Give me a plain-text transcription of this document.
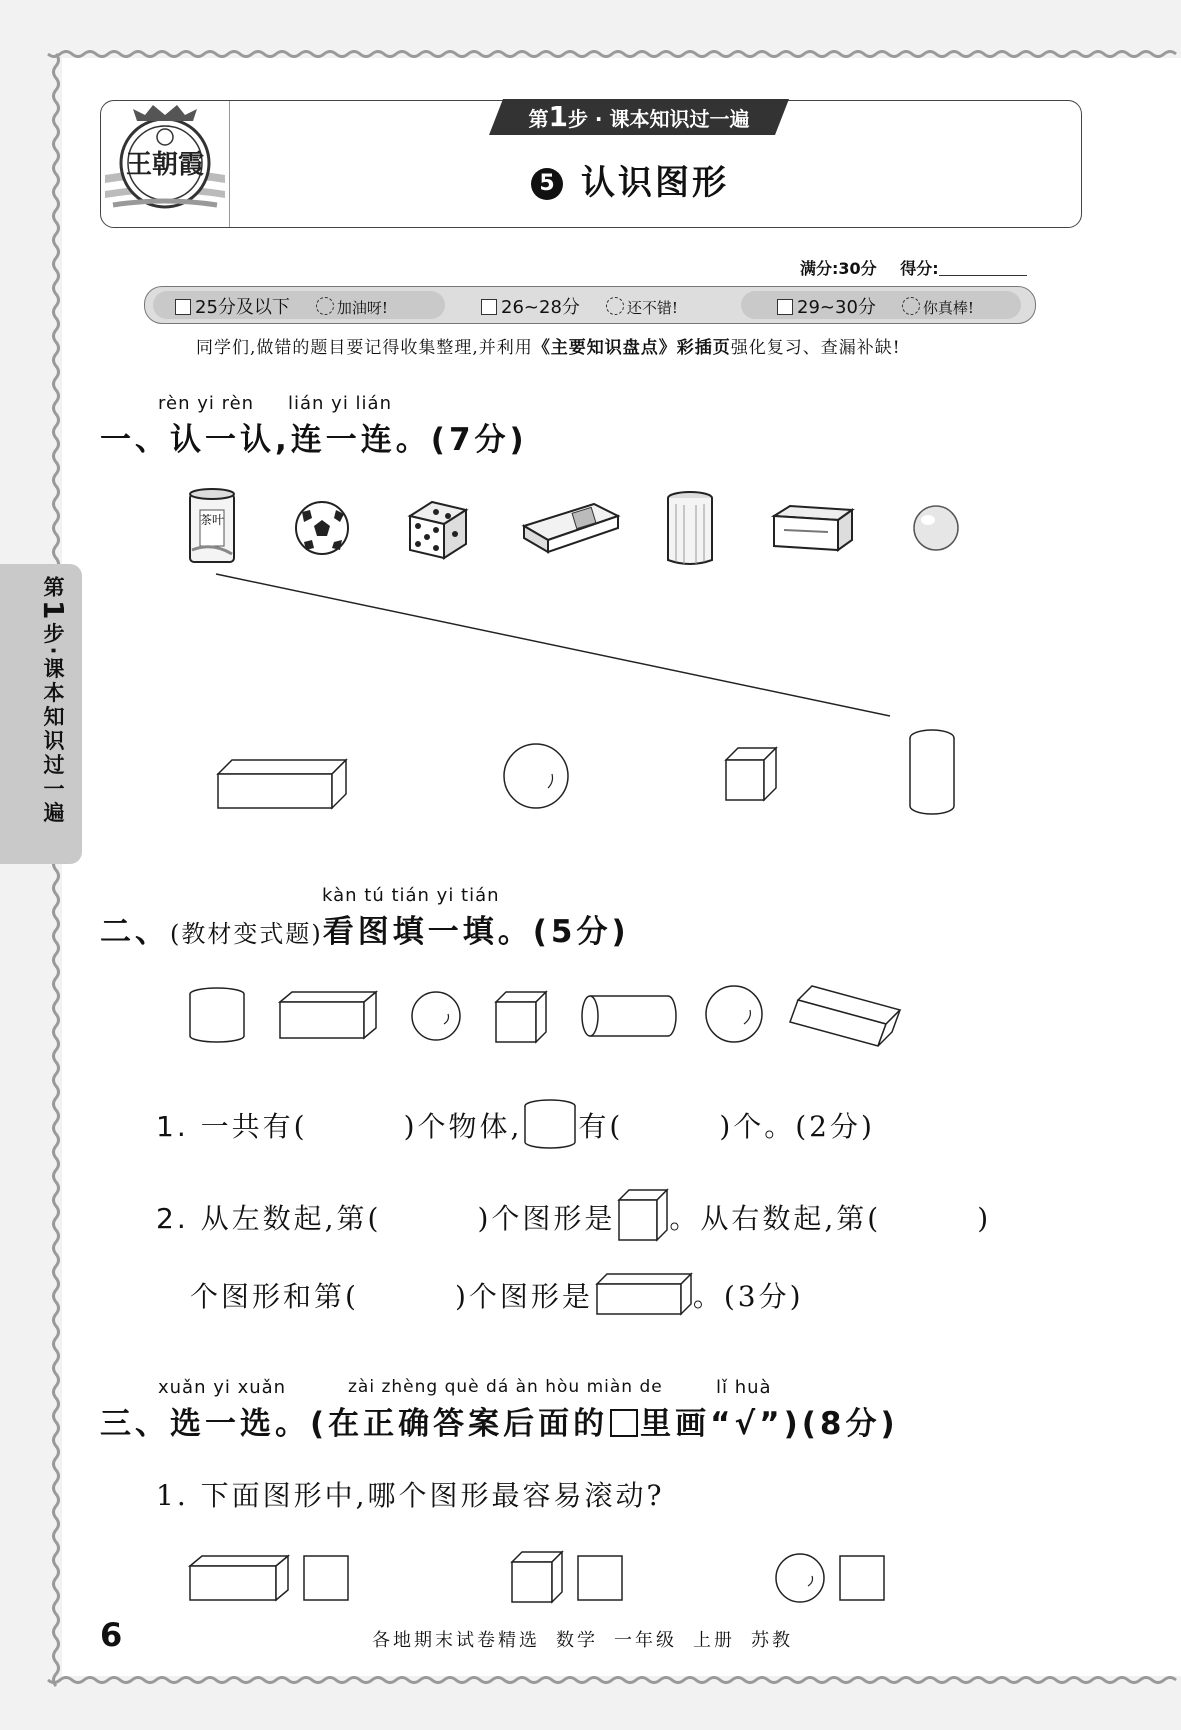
王朝霞
第1步 · 课本知识过一遍
5 认识图形
满分:30分 得分:
25分及以下	加油呀!	26~28分	还不错!	29~30分	你真棒!
同学们,做错的题目要记得收集整理,并利用《主要知识盘点》彩插页强化复习、查漏补缺!
第1步·课本知识过一遍
rèn yi rèn lián yi lián
一、认一认,连一连。(7分)
茶叶
kàn tú tián yi tián
二、(教材变式题)看图填一填。(5分)
1. 一共有(	)个物体, 有(	)个。(2分)
2. 从左数起,第(	)个图形是 。从右数起,第(	)
个图形和第(	)个图形是	。(3分)
xuǎn yi xuǎn	zài zhèng què dá àn hòu miàn de	lǐ huà
三、选一选。(在正确答案后面的 里画“√”)(8分)
1. 下面图形中,哪个图形最容易滚动?
6	各地期末试卷精选 数学 一年级 上册 苏教
